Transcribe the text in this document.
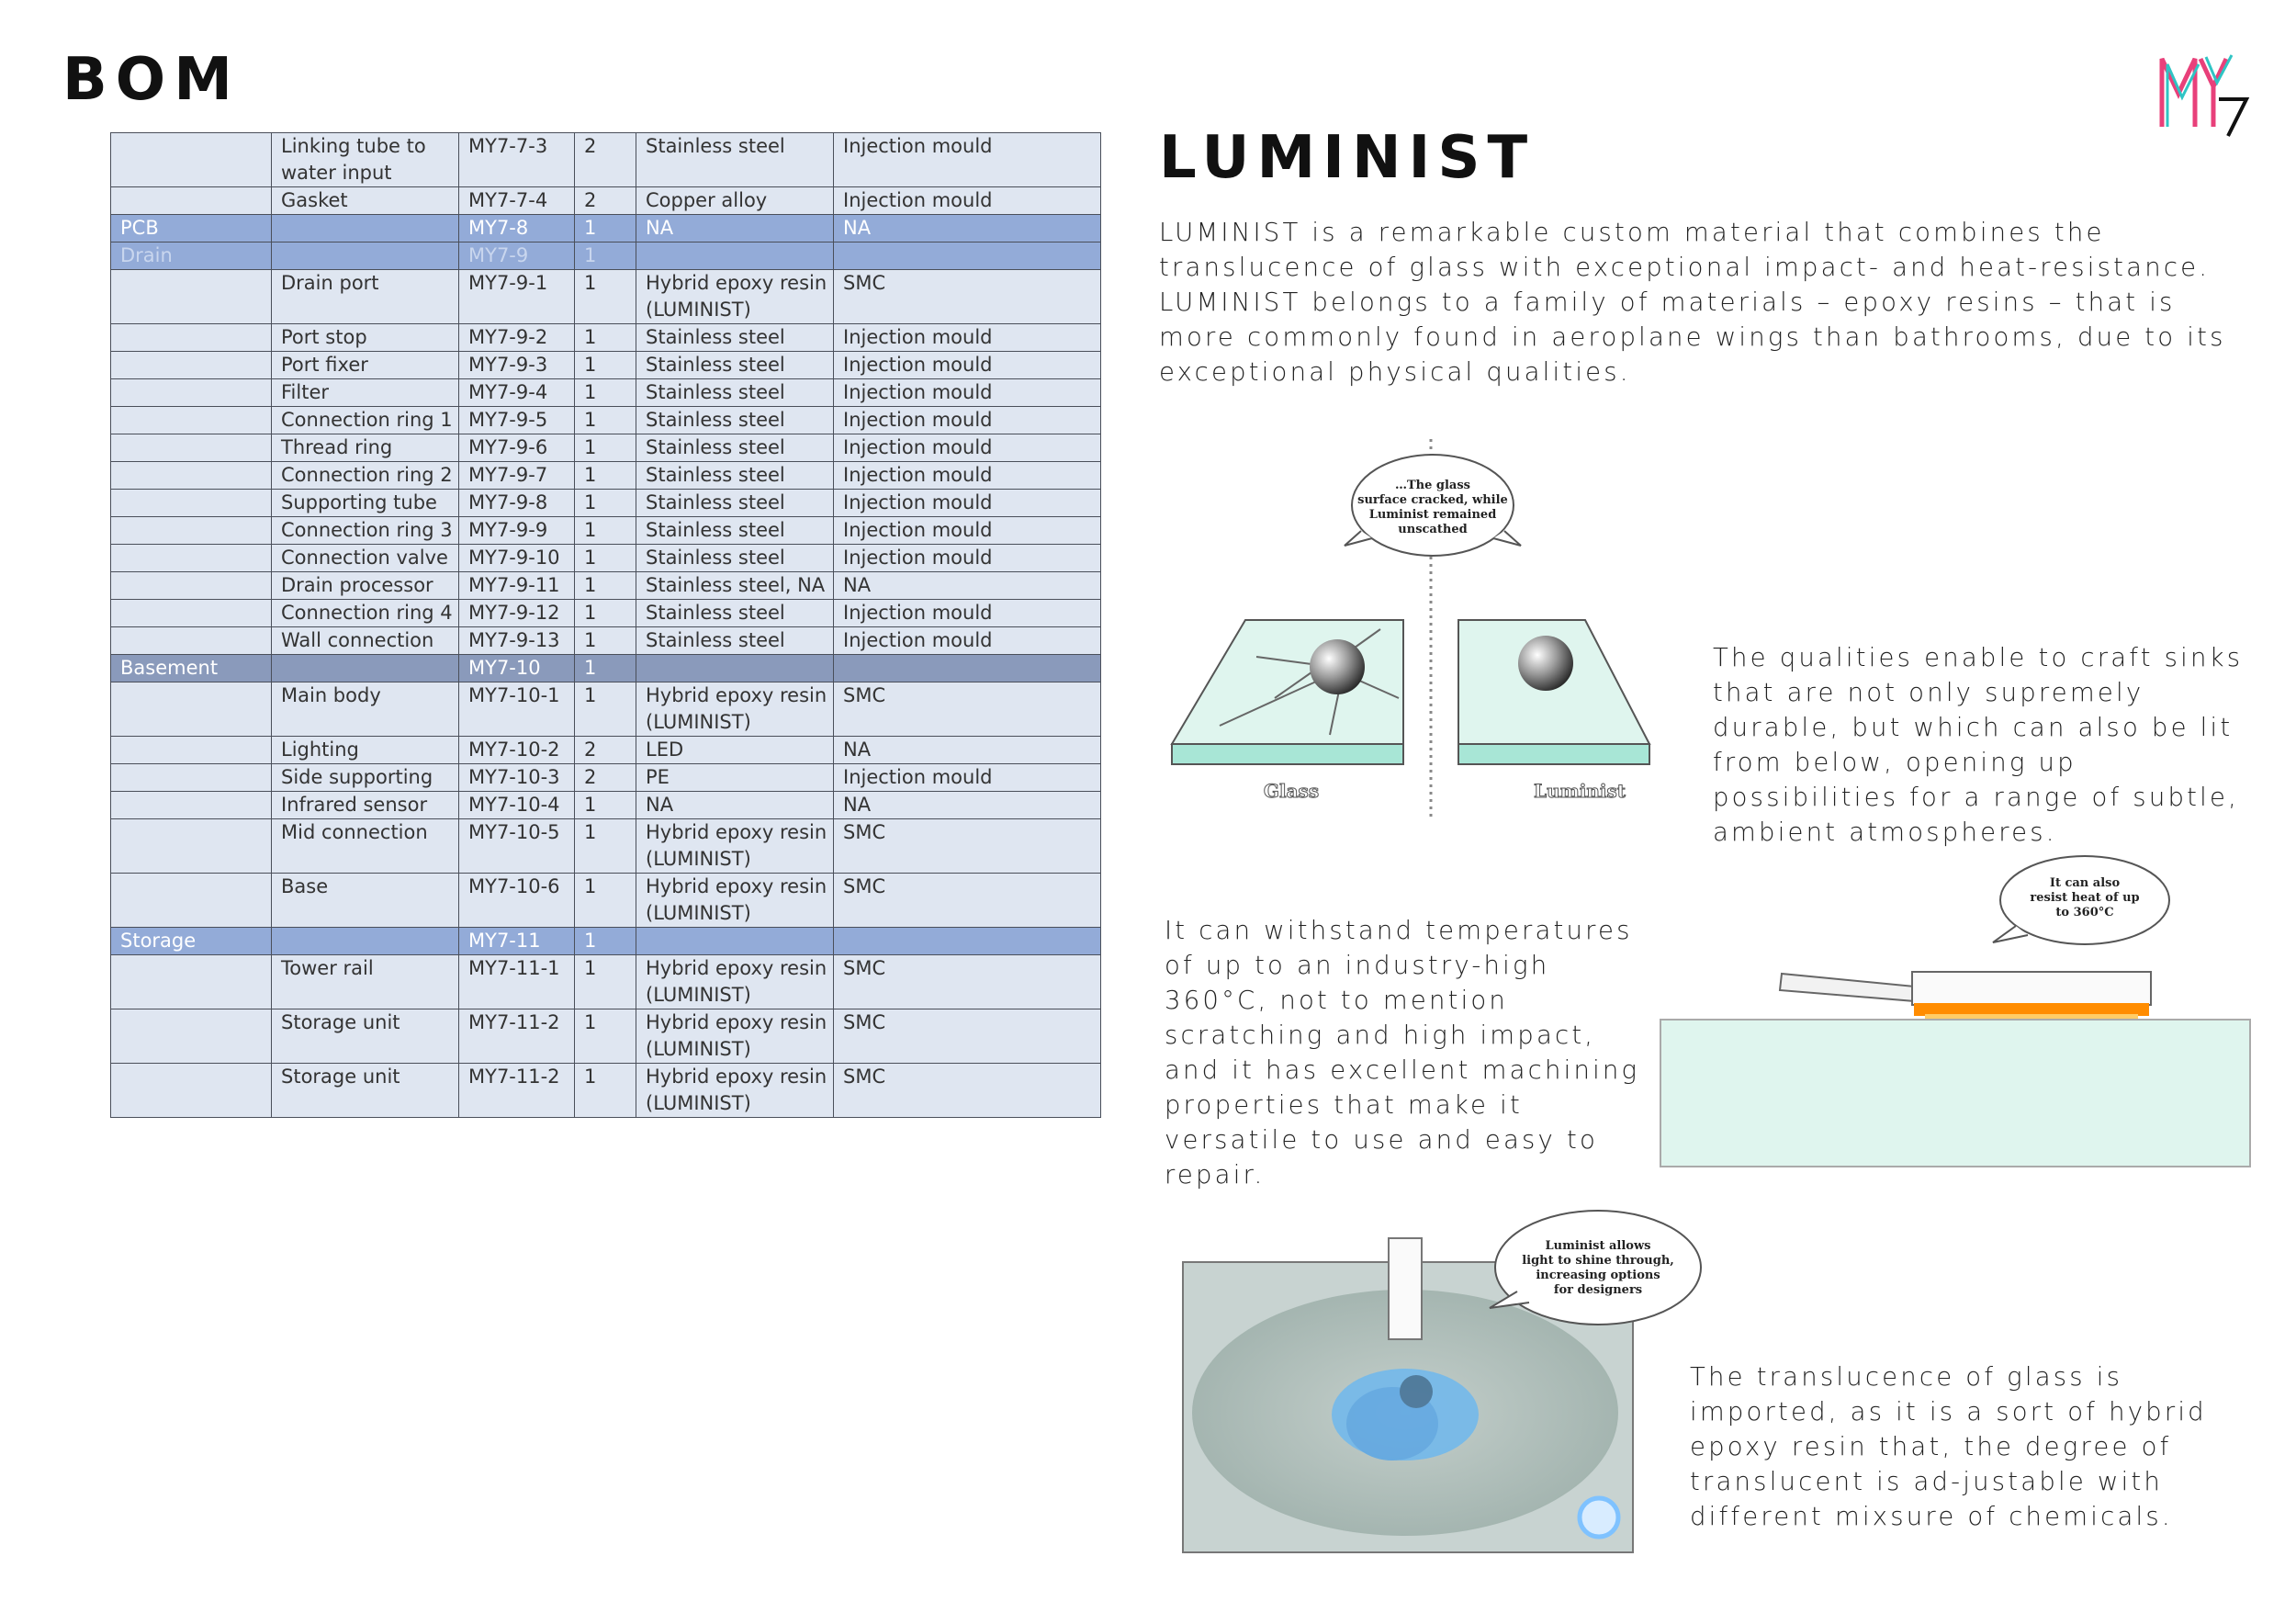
BOM
	Linking tube to water input	MY7-7-3	2	Stainless steel	Injection mould
	Gasket	MY7-7-4	2	Copper alloy	Injection mould
PCB		MY7-8	1	NA	NA
Drain		MY7-9	1		
	Drain port	MY7-9-1	1	Hybrid epoxy resin (LUMINIST)	SMC
	Port stop	MY7-9-2	1	Stainless steel	Injection mould
	Port fixer	MY7-9-3	1	Stainless steel	Injection mould
	Filter	MY7-9-4	1	Stainless steel	Injection mould
	Connection ring 1	MY7-9-5	1	Stainless steel	Injection mould
	Thread ring	MY7-9-6	1	Stainless steel	Injection mould
	Connection ring 2	MY7-9-7	1	Stainless steel	Injection mould
	Supporting tube	MY7-9-8	1	Stainless steel	Injection mould
	Connection ring 3	MY7-9-9	1	Stainless steel	Injection mould
	Connection valve	MY7-9-10	1	Stainless steel	Injection mould
	Drain processor	MY7-9-11	1	Stainless steel, NA	NA
	Connection ring 4	MY7-9-12	1	Stainless steel	Injection mould
	Wall connection	MY7-9-13	1	Stainless steel	Injection mould
Basement		MY7-10	1		
	Main body	MY7-10-1	1	Hybrid epoxy resin (LUMINIST)	SMC
	Lighting	MY7-10-2	2	LED	NA
	Side supporting	MY7-10-3	2	PE	Injection mould
	Infrared sensor	MY7-10-4	1	NA	NA
	Mid connection	MY7-10-5	1	Hybrid epoxy resin (LUMINIST)	SMC
	Base	MY7-10-6	1	Hybrid epoxy resin (LUMINIST)	SMC
Storage		MY7-11	1		
	Tower rail	MY7-11-1	1	Hybrid epoxy resin (LUMINIST)	SMC
	Storage unit	MY7-11-2	1	Hybrid epoxy resin (LUMINIST)	SMC
	Storage unit	MY7-11-2	1	Hybrid epoxy resin (LUMINIST)	SMC
LUMINIST
LUMINIST is a remarkable custom material that combines the translucence of glass with exceptional impact- and heat-resistance.
LUMINIST belongs to a family of materials – epoxy resins – that is more commonly found in aeroplane wings than bathrooms, due to its exceptional physical qualities.
…The glass
surface cracked, while
Luminist remained
unscathed
Glass	Luminist
The qualities enable to craft sinks that are not only supremely durable, but which can also be lit from below, opening up possibilities for a range of subtle, ambient atmospheres.
It can withstand temperatures of up to an industry-high 360°C, not to mention scratching and high impact, and it has excellent machining properties that make it versatile to use and easy to repair.
It can also
resist heat of up
to 360°C
Luminist allows
light to shine through,
increasing options
for designers
The translucence of glass is imported, as it is a sort of hybrid epoxy resin that, the degree of translucent is ad-justable with different mixsure of chemicals.
